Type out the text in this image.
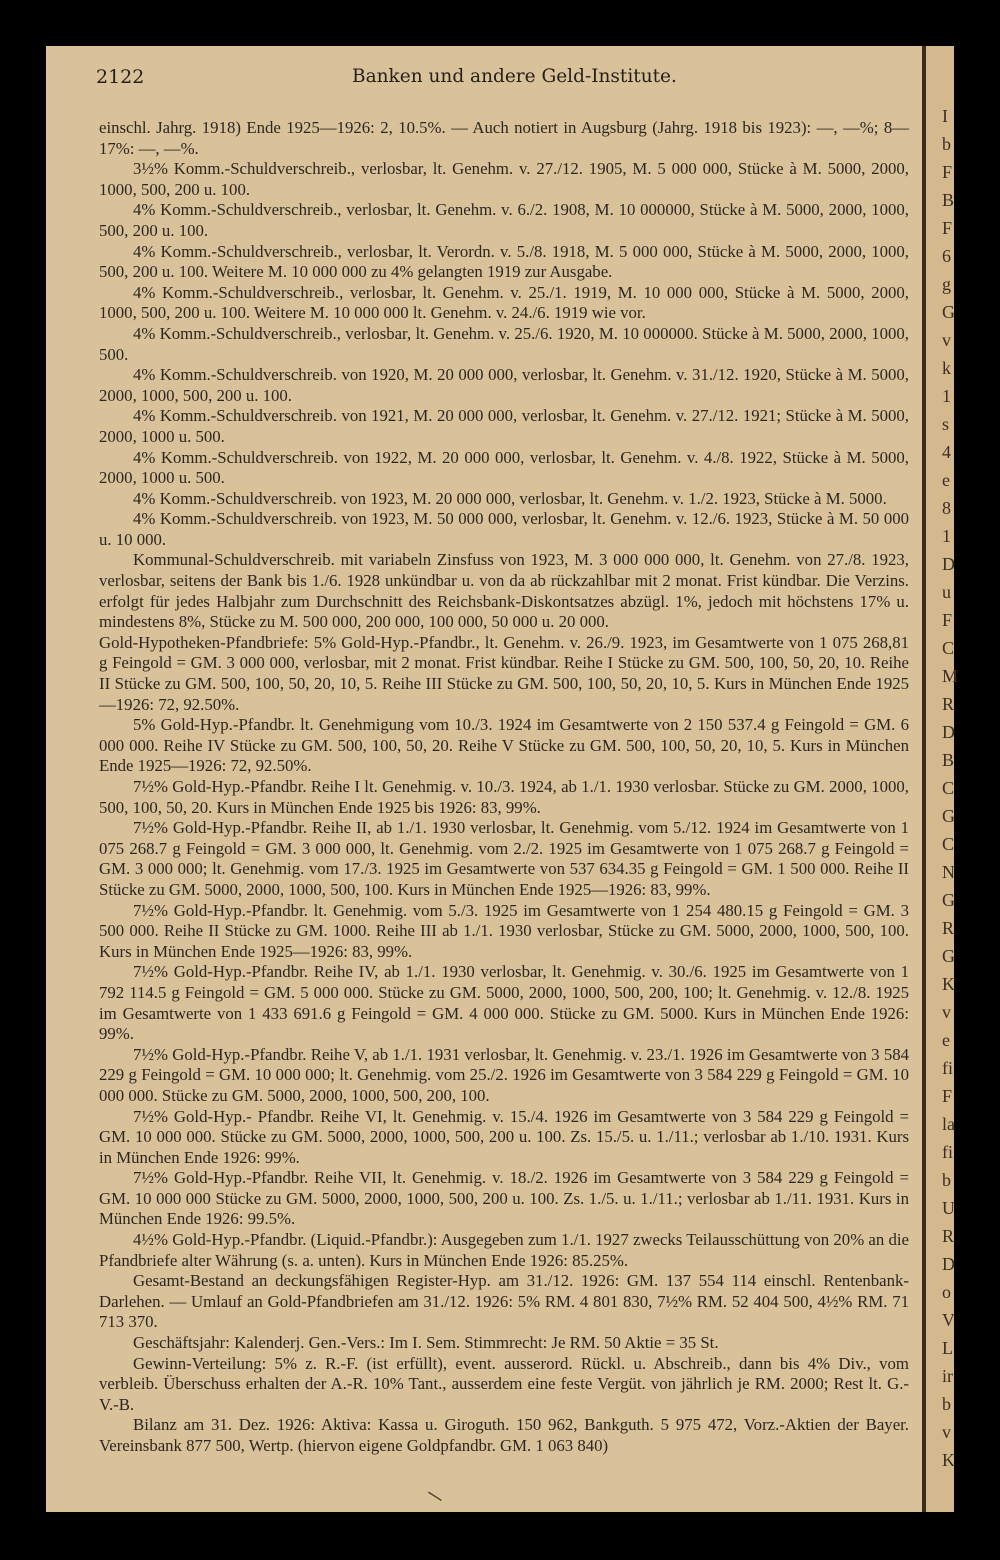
2122	Banken und andere Geld-Institute.

einschl. Jahrg. 1918) Ende 1925—1926: 2, 10.5%. — Auch notiert in Augsburg (Jahrg. 1918 bis 1923): —, —%; 8—17%: —, —%.

3½% Komm.-Schuldverschreib., verlosbar, lt. Genehm. v. 27./12. 1905, M. 5 000 000, Stücke à M. 5000, 2000, 1000, 500, 200 u. 100.

4% Komm.-Schuldverschreib., verlosbar, lt. Genehm. v. 6./2. 1908, M. 10 000000, Stücke à M. 5000, 2000, 1000, 500, 200 u. 100.

4% Komm.-Schuldverschreib., verlosbar, lt. Verordn. v. 5./8. 1918, M. 5 000 000, Stücke à M. 5000, 2000, 1000, 500, 200 u. 100. Weitere M. 10 000 000 zu 4% gelangten 1919 zur Ausgabe.

4% Komm.-Schuldverschreib., verlosbar, lt. Genehm. v. 25./1. 1919, M. 10 000 000, Stücke à M. 5000, 2000, 1000, 500, 200 u. 100. Weitere M. 10 000 000 lt. Genehm. v. 24./6. 1919 wie vor.

4% Komm.-Schuldverschreib., verlosbar, lt. Genehm. v. 25./6. 1920, M. 10 000000. Stücke à M. 5000, 2000, 1000, 500.

4% Komm.-Schuldverschreib. von 1920, M. 20 000 000, verlosbar, lt. Genehm. v. 31./12. 1920, Stücke à M. 5000, 2000, 1000, 500, 200 u. 100.

4% Komm.-Schuldverschreib. von 1921, M. 20 000 000, verlosbar, lt. Genehm. v. 27./12. 1921; Stücke à M. 5000, 2000, 1000 u. 500.

4% Komm.-Schuldverschreib. von 1922, M. 20 000 000, verlosbar, lt. Genehm. v. 4./8. 1922, Stücke à M. 5000, 2000, 1000 u. 500.

4% Komm.-Schuldverschreib. von 1923, M. 20 000 000, verlosbar, lt. Genehm. v. 1./2. 1923, Stücke à M. 5000.

4% Komm.-Schuldverschreib. von 1923, M. 50 000 000, verlosbar, lt. Genehm. v. 12./6. 1923, Stücke à M. 50 000 u. 10 000.

Kommunal-Schuldverschreib. mit variabeln Zinsfuss von 1923, M. 3 000 000 000, lt. Genehm. von 27./8. 1923, verlosbar, seitens der Bank bis 1./6. 1928 unkündbar u. von da ab rückzahlbar mit 2 monat. Frist kündbar. Die Verzins. erfolgt für jedes Halbjahr zum Durchschnitt des Reichsbank-Diskontsatzes abzügl. 1%, jedoch mit höchstens 17% u. mindestens 8%, Stücke zu M. 500 000, 200 000, 100 000, 50 000 u. 20 000.

Gold-Hypotheken-Pfandbriefe: 5% Gold-Hyp.-Pfandbr., lt. Genehm. v. 26./9. 1923, im Gesamtwerte von 1 075 268,81 g Feingold = GM. 3 000 000, verlosbar, mit 2 monat. Frist kündbar. Reihe I Stücke zu GM. 500, 100, 50, 20, 10. Reihe II Stücke zu GM. 500, 100, 50, 20, 10, 5. Reihe III Stücke zu GM. 500, 100, 50, 20, 10, 5. Kurs in München Ende 1925—1926: 72, 92.50%.

5% Gold-Hyp.-Pfandbr. lt. Genehmigung vom 10./3. 1924 im Gesamtwerte von 2 150 537.4 g Feingold = GM. 6 000 000. Reihe IV Stücke zu GM. 500, 100, 50, 20. Reihe V Stücke zu GM. 500, 100, 50, 20, 10, 5. Kurs in München Ende 1925—1926: 72, 92.50%.

7½% Gold-Hyp.-Pfandbr. Reihe I lt. Genehmig. v. 10./3. 1924, ab 1./1. 1930 verlosbar. Stücke zu GM. 2000, 1000, 500, 100, 50, 20. Kurs in München Ende 1925 bis 1926: 83, 99%.

7½% Gold-Hyp.-Pfandbr. Reihe II, ab 1./1. 1930 verlosbar, lt. Genehmig. vom 5./12. 1924 im Gesamtwerte von 1 075 268.7 g Feingold = GM. 3 000 000, lt. Genehmig. vom 2./2. 1925 im Gesamtwerte von 1 075 268.7 g Feingold = GM. 3 000 000; lt. Genehmig. vom 17./3. 1925 im Gesamtwerte von 537 634.35 g Feingold = GM. 1 500 000. Reihe II Stücke zu GM. 5000, 2000, 1000, 500, 100. Kurs in München Ende 1925—1926: 83, 99%.

7½% Gold-Hyp.-Pfandbr. lt. Genehmig. vom 5./3. 1925 im Gesamtwerte von 1 254 480.15 g Feingold = GM. 3 500 000. Reihe II Stücke zu GM. 1000. Reihe III ab 1./1. 1930 verlosbar, Stücke zu GM. 5000, 2000, 1000, 500, 100. Kurs in München Ende 1925—1926: 83, 99%.

7½% Gold-Hyp.-Pfandbr. Reihe IV, ab 1./1. 1930 verlosbar, lt. Genehmig. v. 30./6. 1925 im Gesamtwerte von 1 792 114.5 g Feingold = GM. 5 000 000. Stücke zu GM. 5000, 2000, 1000, 500, 200, 100; lt. Genehmig. v. 12./8. 1925 im Gesamtwerte von 1 433 691.6 g Feingold = GM. 4 000 000. Stücke zu GM. 5000. Kurs in München Ende 1926: 99%.

7½% Gold-Hyp.-Pfandbr. Reihe V, ab 1./1. 1931 verlosbar, lt. Genehmig. v. 23./1. 1926 im Gesamtwerte von 3 584 229 g Feingold = GM. 10 000 000; lt. Genehmig. vom 25./2. 1926 im Gesamtwerte von 3 584 229 g Feingold = GM. 10 000 000. Stücke zu GM. 5000, 2000, 1000, 500, 200, 100.

7½% Gold-Hyp.- Pfandbr. Reihe VI, lt. Genehmig. v. 15./4. 1926 im Gesamtwerte von 3 584 229 g Feingold = GM. 10 000 000. Stücke zu GM. 5000, 2000, 1000, 500, 200 u. 100. Zs. 15./5. u. 1./11.; verlosbar ab 1./10. 1931. Kurs in München Ende 1926: 99%.

7½% Gold-Hyp.-Pfandbr. Reihe VII, lt. Genehmig. v. 18./2. 1926 im Gesamtwerte von 3 584 229 g Feingold = GM. 10 000 000 Stücke zu GM. 5000, 2000, 1000, 500, 200 u. 100. Zs. 1./5. u. 1./11.; verlosbar ab 1./11. 1931. Kurs in München Ende 1926: 99.5%.

4½% Gold-Hyp.-Pfandbr. (Liquid.-Pfandbr.): Ausgegeben zum 1./1. 1927 zwecks Teilausschüttung von 20% an die Pfandbriefe alter Währung (s. a. unten). Kurs in München Ende 1926: 85.25%.

Gesamt-Bestand an deckungsfähigen Register-Hyp. am 31./12. 1926: GM. 137 554 114 einschl. Rentenbank-Darlehen. — Umlauf an Gold-Pfandbriefen am 31./12. 1926: 5% RM. 4 801 830, 7½% RM. 52 404 500, 4½% RM. 71 713 370.

Geschäftsjahr: Kalenderj. Gen.-Vers.: Im I. Sem. Stimmrecht: Je RM. 50 Aktie = 35 St.

Gewinn-Verteilung: 5% z. R.-F. (ist erfüllt), event. ausserord. Rückl. u. Abschreib., dann bis 4% Div., vom verbleib. Überschuss erhalten der A.-R. 10% Tant., ausserdem eine feste Vergüt. von jährlich je RM. 2000; Rest lt. G.-V.-B.

Bilanz am 31. Dez. 1926: Aktiva: Kassa u. Giroguth. 150 962, Bankguth. 5 975 472, Vorz.-Aktien der Bayer. Vereinsbank 877 500, Wertp. (hiervon eigene Goldpfandbr. GM. 1 063 840)

\
I
b
F
B
F
6
g
G
v
k
1
s
4
e
8
1
D
u
F
C
M
R
D
B
C
G
C
N
G
R
G
K
v
e
fi
F
la
fi
b
U
R
D
o
V
L
ir
b
v
K
